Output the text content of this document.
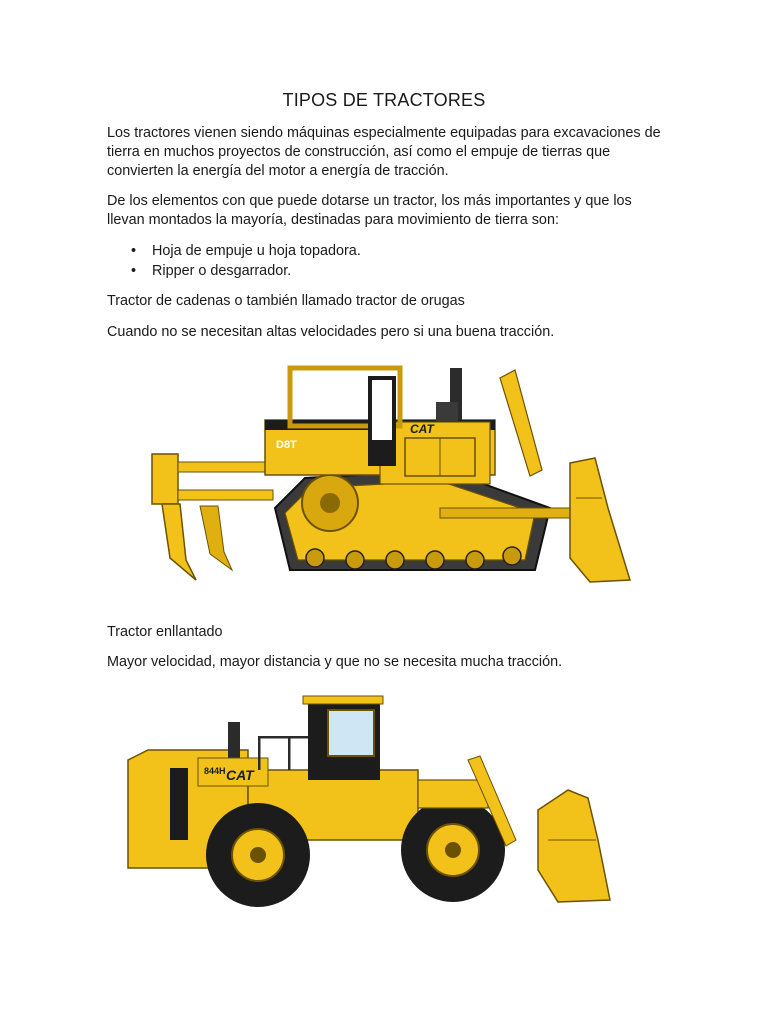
TIPOS DE TRACTORES

Los tractores vienen siendo máquinas especialmente equipadas para excavaciones de tierra en muchos proyectos de construcción, así como el empuje de tierras que convierten la energía del motor a energía de tracción.

De los elementos con que puede dotarse un tractor, los más importantes y que los llevan montados la mayoría, destinadas para movimiento de tierra son:

• Hoja de empuje u hoja topadora.
• Ripper o desgarrador.

Tractor de cadenas o también llamado tractor de orugas

Cuando no se necesitan altas velocidades pero si una buena tracción.

D8T
CAT

Tractor enllantado

Mayor velocidad, mayor distancia y que no se necesita mucha tracción.

844H CAT
